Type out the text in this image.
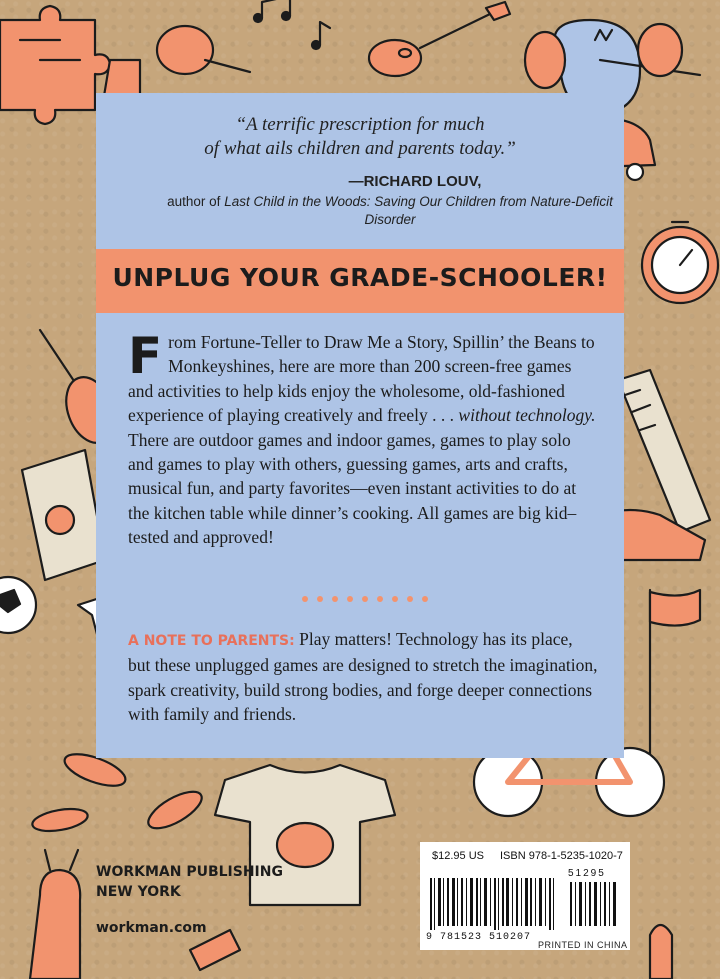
“A terrific prescription for much
of what ails children and parents today.”
—RICHARD LOUV,
author of Last Child in the Woods: Saving Our Children from Nature-Deficit Disorder
UNPLUG YOUR GRADE-SCHOOLER!
From Fortune-Teller to Draw Me a Story, Spillin’ the Beans to Monkeyshines, here are more than 200 screen-free games and activities to help kids enjoy the wholesome, old-fashioned experience of playing creatively and freely . . . without technology. There are outdoor games and indoor games, games to play solo and games to play with others, guessing games, arts and crafts, musical fun, and party favorites—even instant activities to do at the kitchen table while dinner’s cooking. All games are big kid–tested and approved!
A NOTE TO PARENTS: Play matters! Technology has its place, but these unplugged games are designed to stretch the imagination, spark creativity, build strong bodies, and forge deeper connections with family and friends.
WORKMAN PUBLISHING
NEW YORK
workman.com
$12.95 US ISBN 978-1-5235-1020-7
51295
9 781523 510207
PRINTED IN CHINA
